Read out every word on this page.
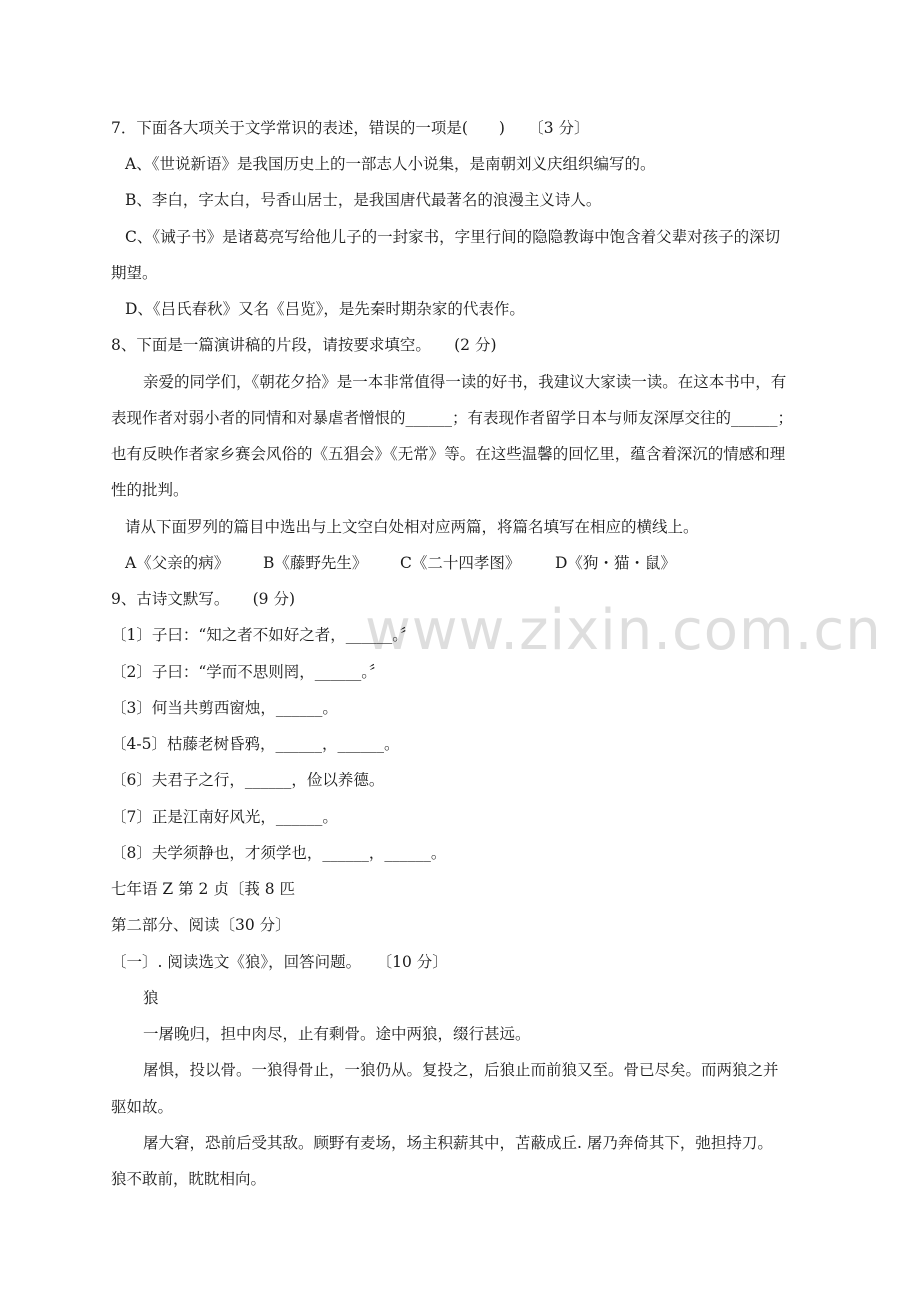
www.zixin.com.cn
7．下面各大项关于文学常识的表述，错误的一项是(　　)　　〔3 分〕
A、《世说新语》是我国历史上的一部志人小说集，是南朝刘义庆组织编写的。
B、李白，字太白，号香山居士，是我国唐代最著名的浪漫主义诗人。
C、《诫子书》是诸葛亮写给他儿子的一封家书，字里行间的隐隐教诲中饱含着父辈对孩子的深切
期望。
D、《吕氏春秋》又名《吕览》，是先秦时期杂家的代表作。
8、下面是一篇演讲稿的片段，请按要求填空。　　(2 分)
亲爱的同学们，《朝花夕拾》是一本非常值得一读的好书，我建议大家读一读。在这本书中，有
表现作者对弱小者的同情和对暴虐者憎恨的______；有表现作者留学日本与师友深厚交往的______；
也有反映作者家乡赛会风俗的《五猖会》《无常》等。在这些温馨的回忆里，蕴含着深沉的情感和理
性的批判。
请从下面罗列的篇目中选出与上文空白处相对应两篇，将篇名填写在相应的横线上。
A《父亲的病》 B《藤野先生》 C《二十四孝图》 D《狗・猫・鼠》
9、古诗文默写。　　(9 分)
〔1〕子曰：“知之者不如好之者，______。〞
〔2〕子曰：“学而不思则罔，______。〞
〔3〕何当共剪西窗烛，______。
〔4-5〕枯藤老树昏鸦，______，______。
〔6〕夫君子之行，______，俭以养德。
〔7〕正是江南好风光，______。
〔8〕夫学须静也，才须学也，______，______。
七年语 Z 第 2 贞〔莪 8 匹
第二部分、阅读〔30 分〕
〔一〕. 阅读选文《狼》，回答问题。　　〔10 分〕
狼
一屠晚归，担中肉尽，止有剩骨。途中两狼，缀行甚远。
屠惧，投以骨。一狼得骨止，一狼仍从。复投之，后狼止而前狼又至。骨已尽矣。而两狼之并
驱如故。
屠大窘，恐前后受其敌。顾野有麦场，场主积薪其中，苫蔽成丘. 屠乃奔倚其下，弛担持刀。
狼不敢前，眈眈相向。
